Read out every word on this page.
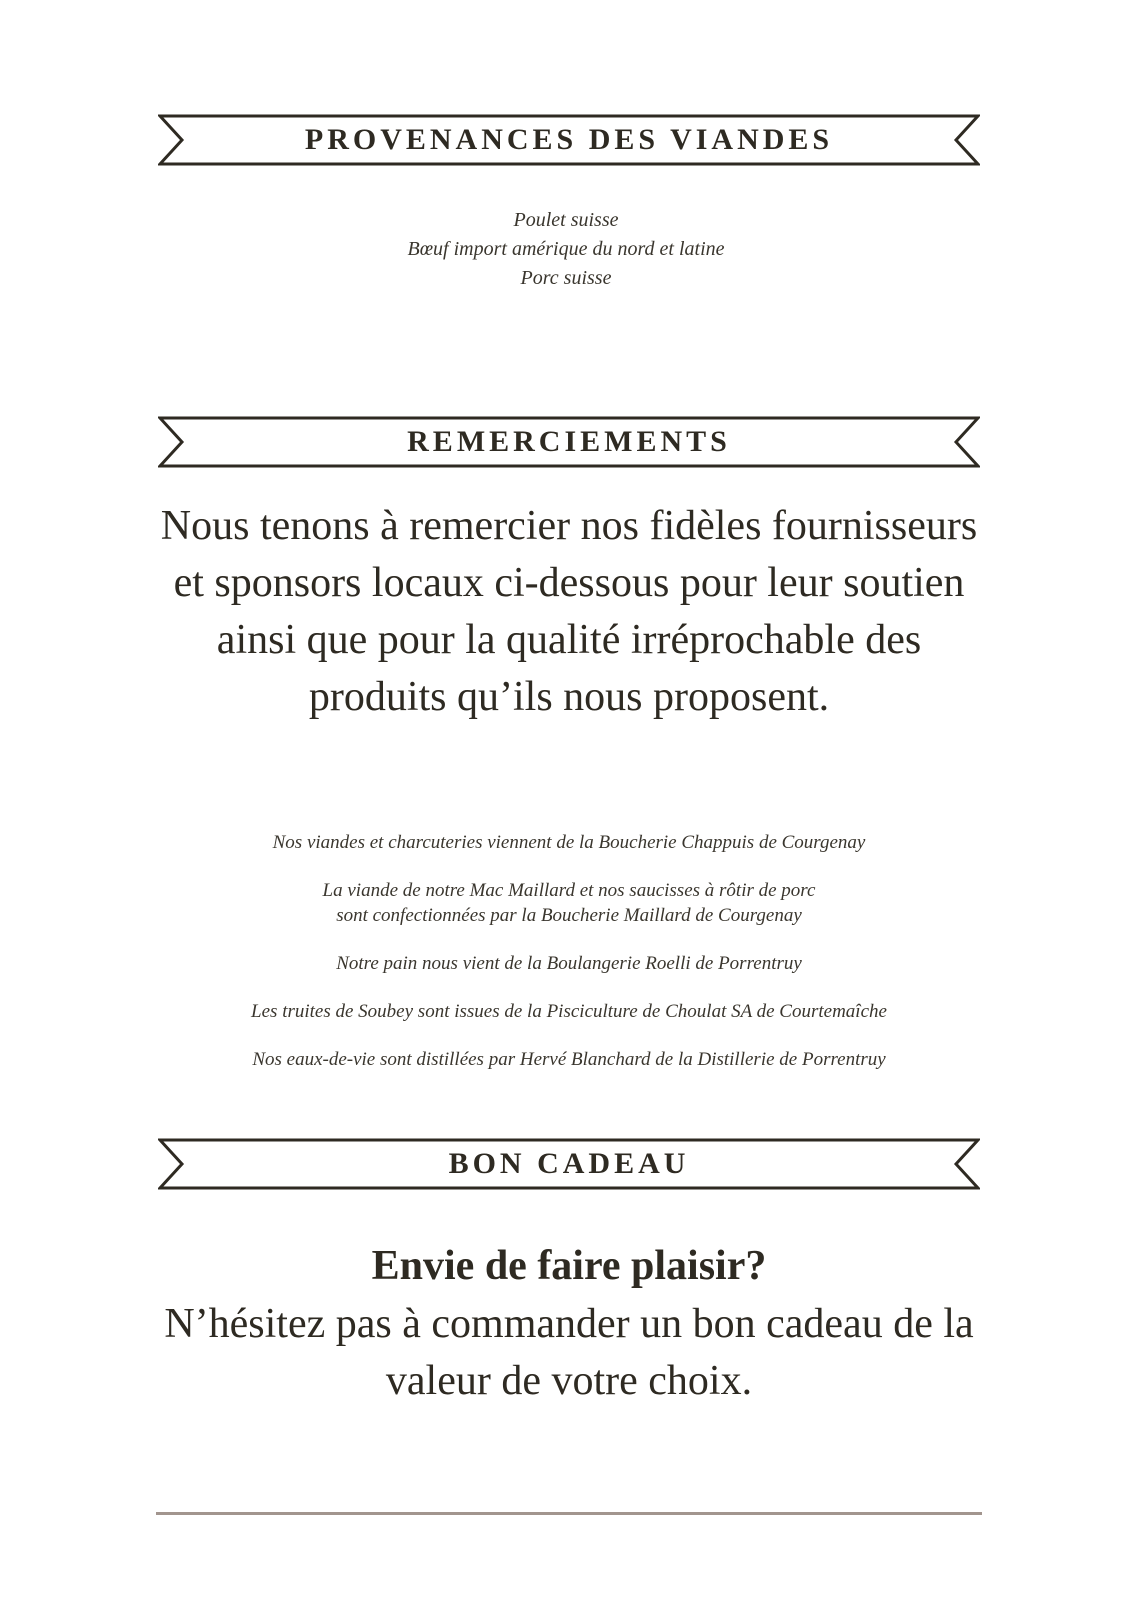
PROVENANCES DES VIANDES
Poulet suisse
Bœuf import amérique du nord et latine
Porc suisse
REMERCIEMENTS
Nous tenons à remercier nos fidèles fournisseurs et sponsors locaux ci-dessous pour leur soutien ainsi que pour la qualité irréprochable des produits qu’ils nous proposent.

Nos viandes et charcuteries viennent de la Boucherie Chappuis de Courgenay

La viande de notre Mac Maillard et nos saucisses à rôtir de porc
sont confectionnées par la Boucherie Maillard de Courgenay

Notre pain nous vient de la Boulangerie Roelli de Porrentruy

Les truites de Soubey sont issues de la Pisciculture de Choulat SA de Courtemaîche

Nos eaux-de-vie sont distillées par Hervé Blanchard de la Distillerie de Porrentruy

BON CADEAU
Envie de faire plaisir?
N’hésitez pas à commander un bon cadeau de la valeur de votre choix.
